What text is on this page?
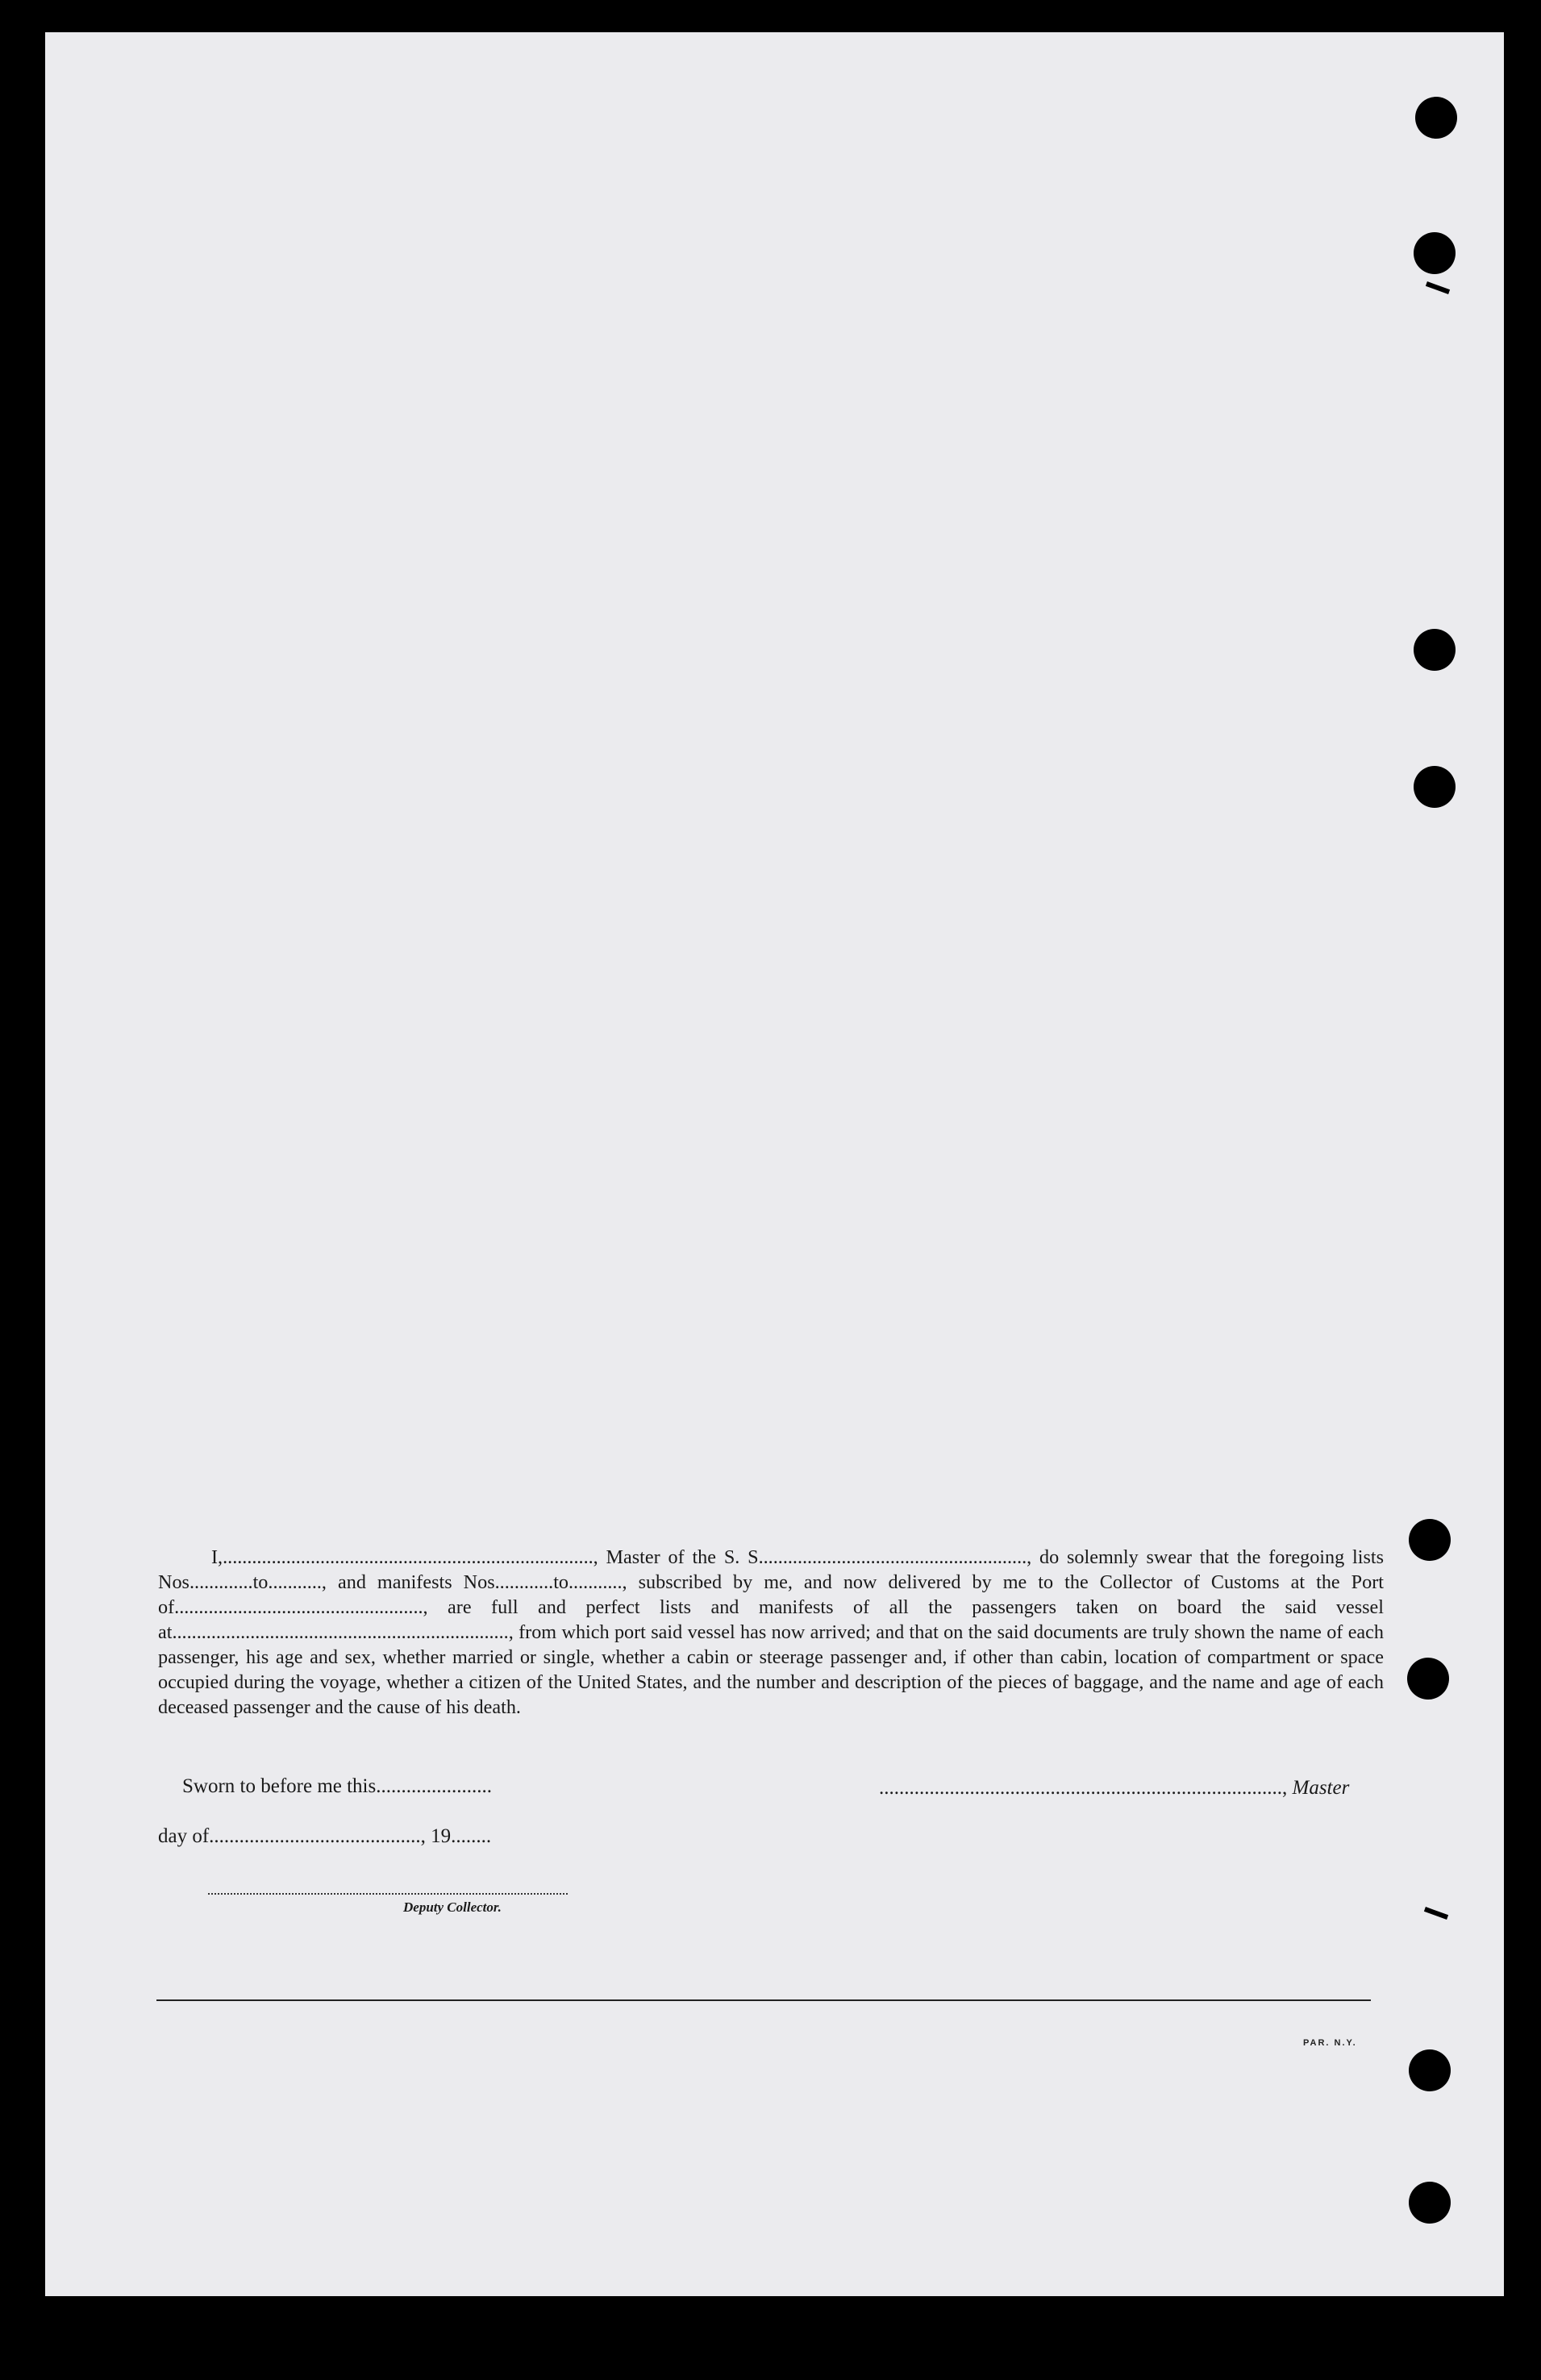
I,............................................................................, Master of the S. S......................................................., do solemnly swear that the foregoing lists Nos.............to..........., and manifests Nos............to..........., subscribed by me, and now delivered by me to the Collector of Customs at the Port of..................................................., are full and perfect lists and manifests of all the passengers taken on board the said vessel at....................................................................., from which port said vessel has now arrived; and that on the said documents are truly shown the name of each passenger, his age and sex, whether married or single, whether a cabin or steerage passenger and, if other than cabin, location of compartment or space occupied during the voyage, whether a citizen of the United States, and the number and description of the pieces of baggage, and the name and age of each deceased passenger and the cause of his death.

Sworn to before me this.......................	................................................................................, Master
day of.........................................., 19........
Deputy Collector.
PAR. N.Y.
